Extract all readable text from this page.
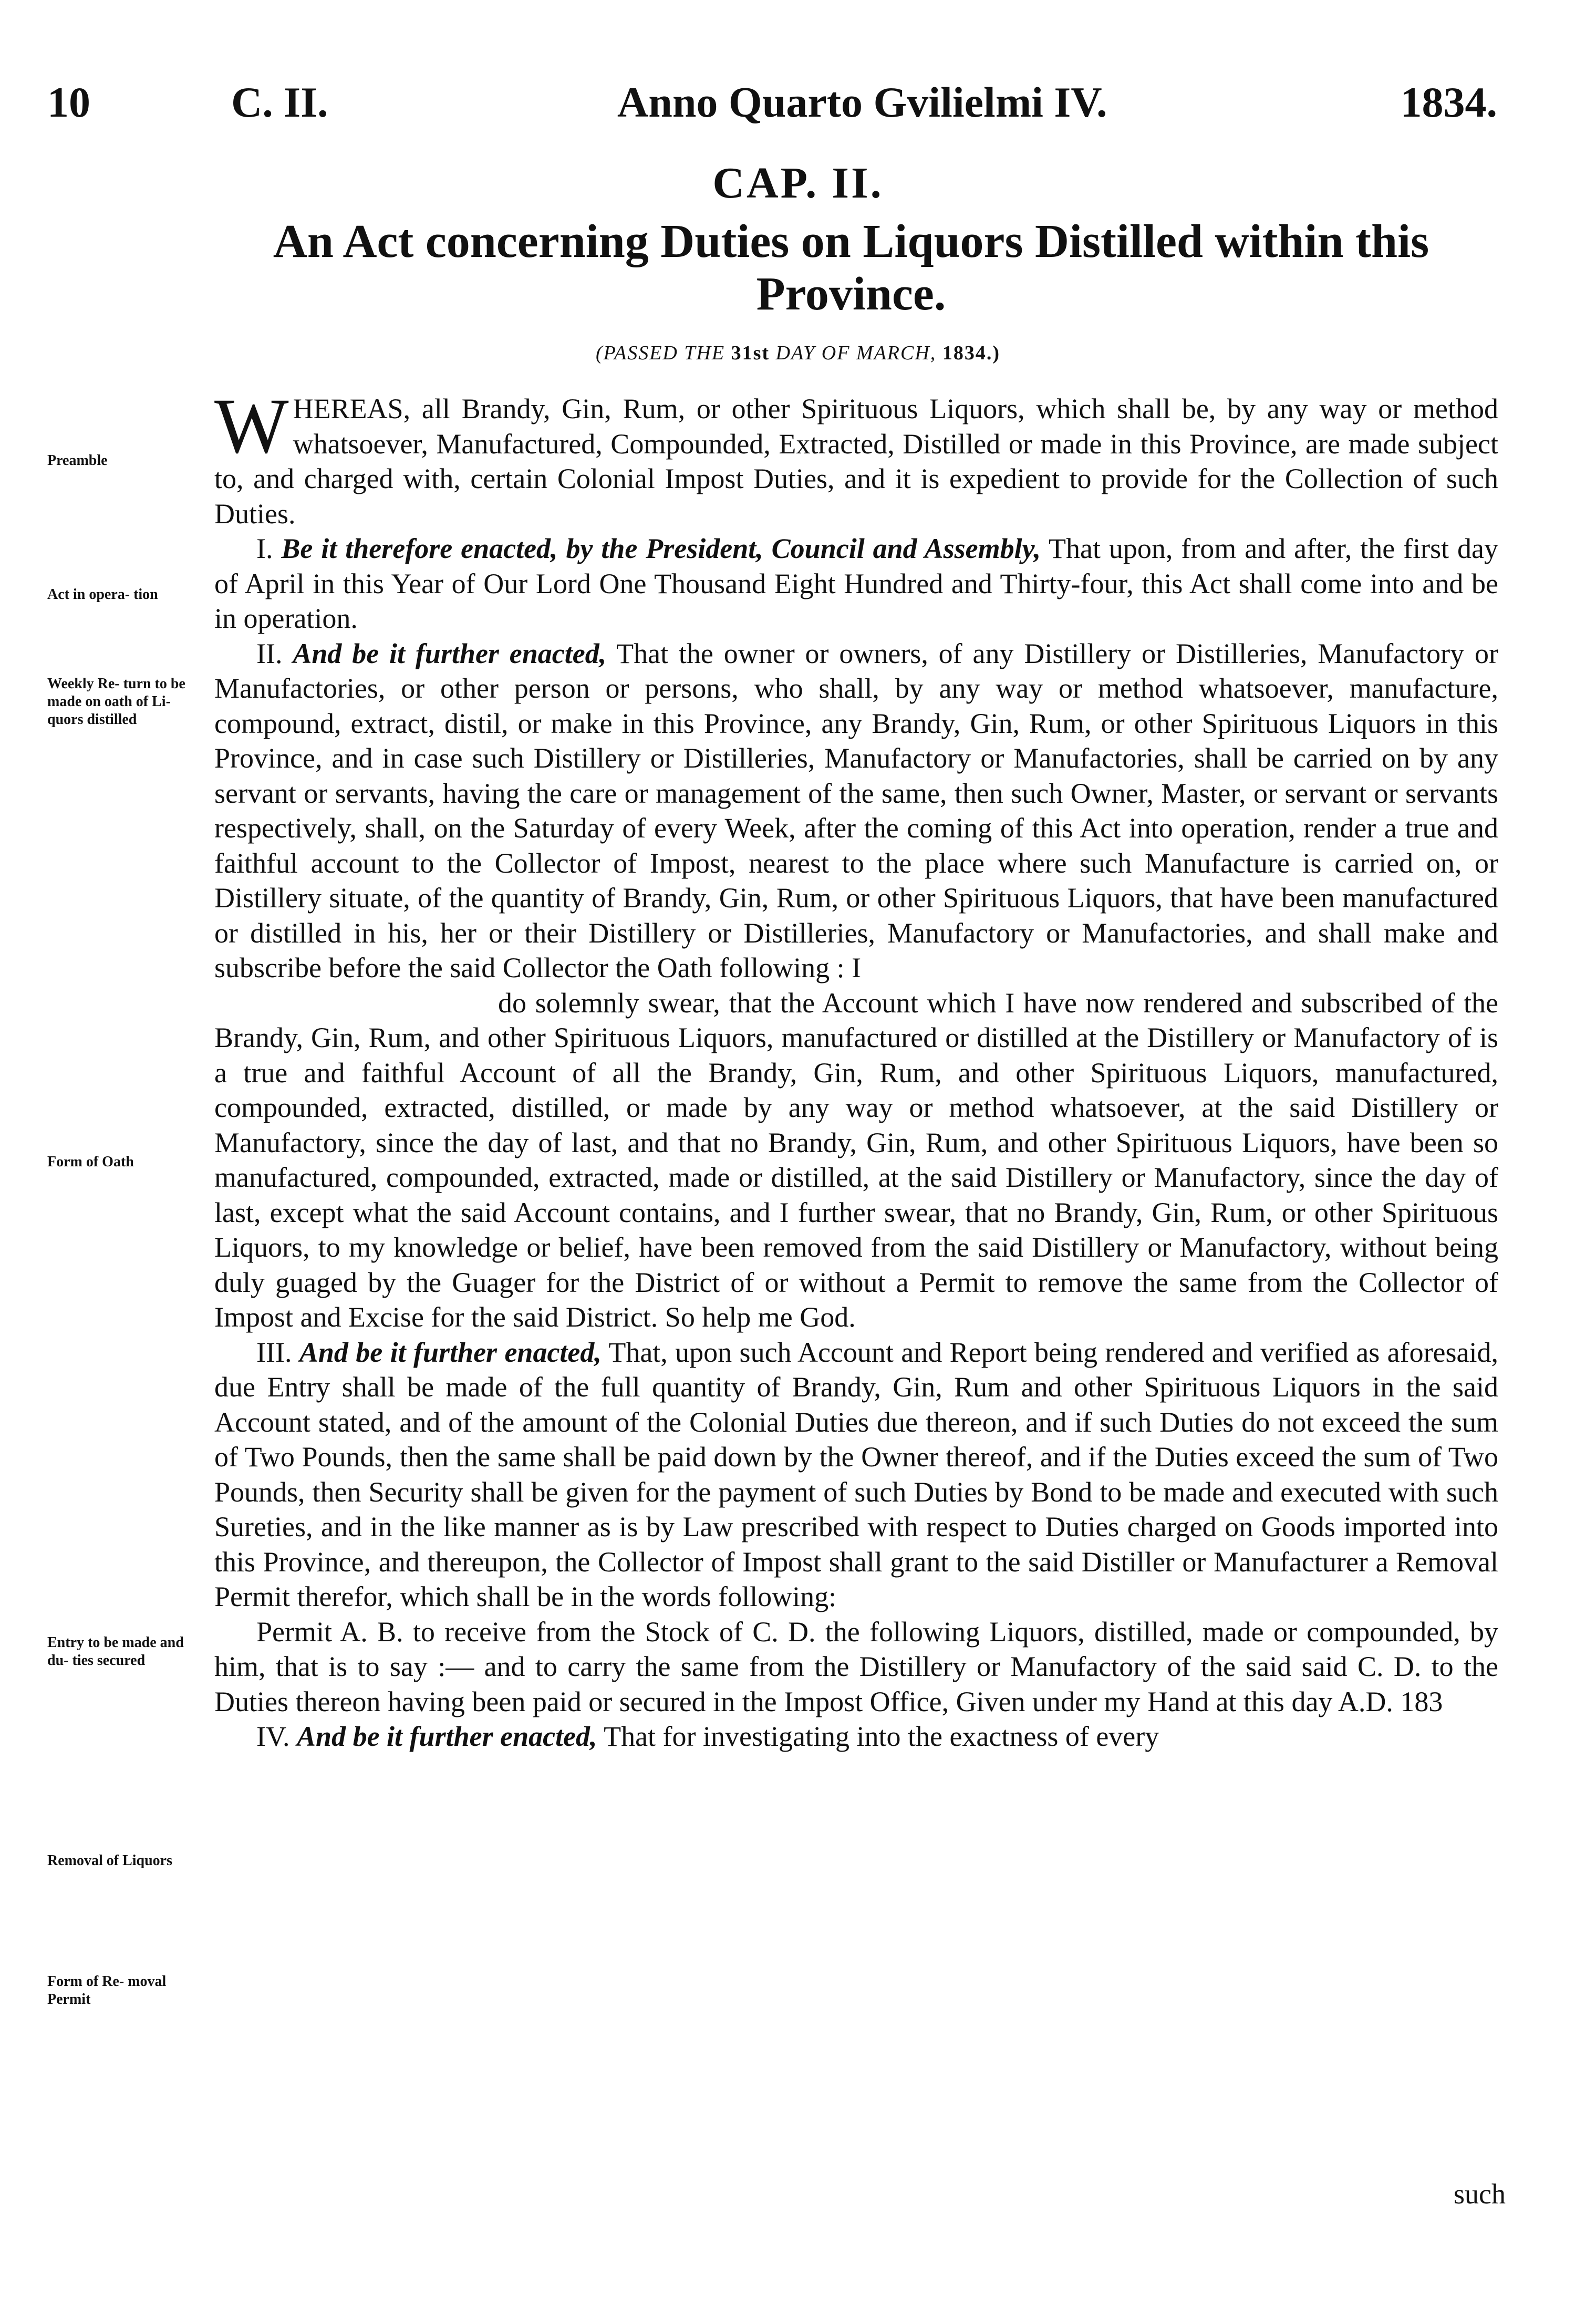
10	C. II.	Anno Quarto Gvilielmi IV.	1834.
CAP. II.
An Act concerning Duties on Liquors Distilled within this Province.
(PASSED THE 31st DAY OF MARCH, 1834.)
Preamble
Act in opera- tion
Weekly Re- turn to be made on oath of Li- quors distilled
Form of Oath
Entry to be made and du- ties secured
Removal of Liquors
Form of Re- moval Permit

WHEREAS, all Brandy, Gin, Rum, or other Spirituous Liquors, which shall be, by any way or method whatsoever, Manufactured, Compounded, Extracted, Distilled or made in this Province, are made subject to, and charged with, certain Colonial Impost Duties, and it is expedient to provide for the Collection of such Duties.

I. Be it therefore enacted, by the President, Council and Assembly, That upon, from and after, the first day of April in this Year of Our Lord One Thousand Eight Hundred and Thirty-four, this Act shall come into and be in operation.

II. And be it further enacted, That the owner or owners, of any Distillery or Distilleries, Manufactory or Manufactories, or other person or persons, who shall, by any way or method whatsoever, manufacture, compound, extract, distil, or make in this Province, any Brandy, Gin, Rum, or other Spirituous Liquors in this Province, and in case such Distillery or Distilleries, Manufactory or Manufactories, shall be carried on by any servant or servants, having the care or management of the same, then such Owner, Master, or servant or servants respectively, shall, on the Saturday of every Week, after the coming of this Act into operation, render a true and faithful account to the Collector of Impost, nearest to the place where such Manufacture is carried on, or Distillery situate, of the quantity of Brandy, Gin, Rum, or other Spirituous Liquors, that have been manufactured or distilled in his, her or their Distillery or Distilleries, Manufactory or Manufactories, and shall make and subscribe before the said Collector the Oath following : I

do solemnly swear, that the Account which I have now rendered and subscribed of the Brandy, Gin, Rum, and other Spirituous Liquors, manufactured or distilled at the Distillery or Manufactory of is a true and faithful Account of all the Brandy, Gin, Rum, and other Spirituous Liquors, manufactured, compounded, extracted, distilled, or made by any way or method whatsoever, at the said Distillery or Manufactory, since the day of last, and that no Brandy, Gin, Rum, and other Spirituous Liquors, have been so manufactured, compounded, extracted, made or distilled, at the said Distillery or Manufactory, since the day of last, except what the said Account contains, and I further swear, that no Brandy, Gin, Rum, or other Spirituous Liquors, to my knowledge or belief, have been removed from the said Distillery or Manufactory, without being duly guaged by the Guager for the District of or without a Permit to remove the same from the Collector of Impost and Excise for the said District. So help me God.

III. And be it further enacted, That, upon such Account and Report being rendered and verified as aforesaid, due Entry shall be made of the full quantity of Brandy, Gin, Rum and other Spirituous Liquors in the said Account stated, and of the amount of the Colonial Duties due thereon, and if such Duties do not exceed the sum of Two Pounds, then the same shall be paid down by the Owner thereof, and if the Duties exceed the sum of Two Pounds, then Security shall be given for the payment of such Duties by Bond to be made and executed with such Sureties, and in the like manner as is by Law prescribed with respect to Duties charged on Goods imported into this Province, and thereupon, the Collector of Impost shall grant to the said Distiller or Manufacturer a Removal Permit therefor, which shall be in the words following:

Permit A. B. to receive from the Stock of C. D. the following Liquors, distilled, made or compounded, by him, that is to say :— and to carry the same from the Distillery or Manufactory of the said said C. D. to the Duties thereon having been paid or secured in the Impost Office, Given under my Hand at this day A.D. 183

IV. And be it further enacted, That for investigating into the exactness of every

such
